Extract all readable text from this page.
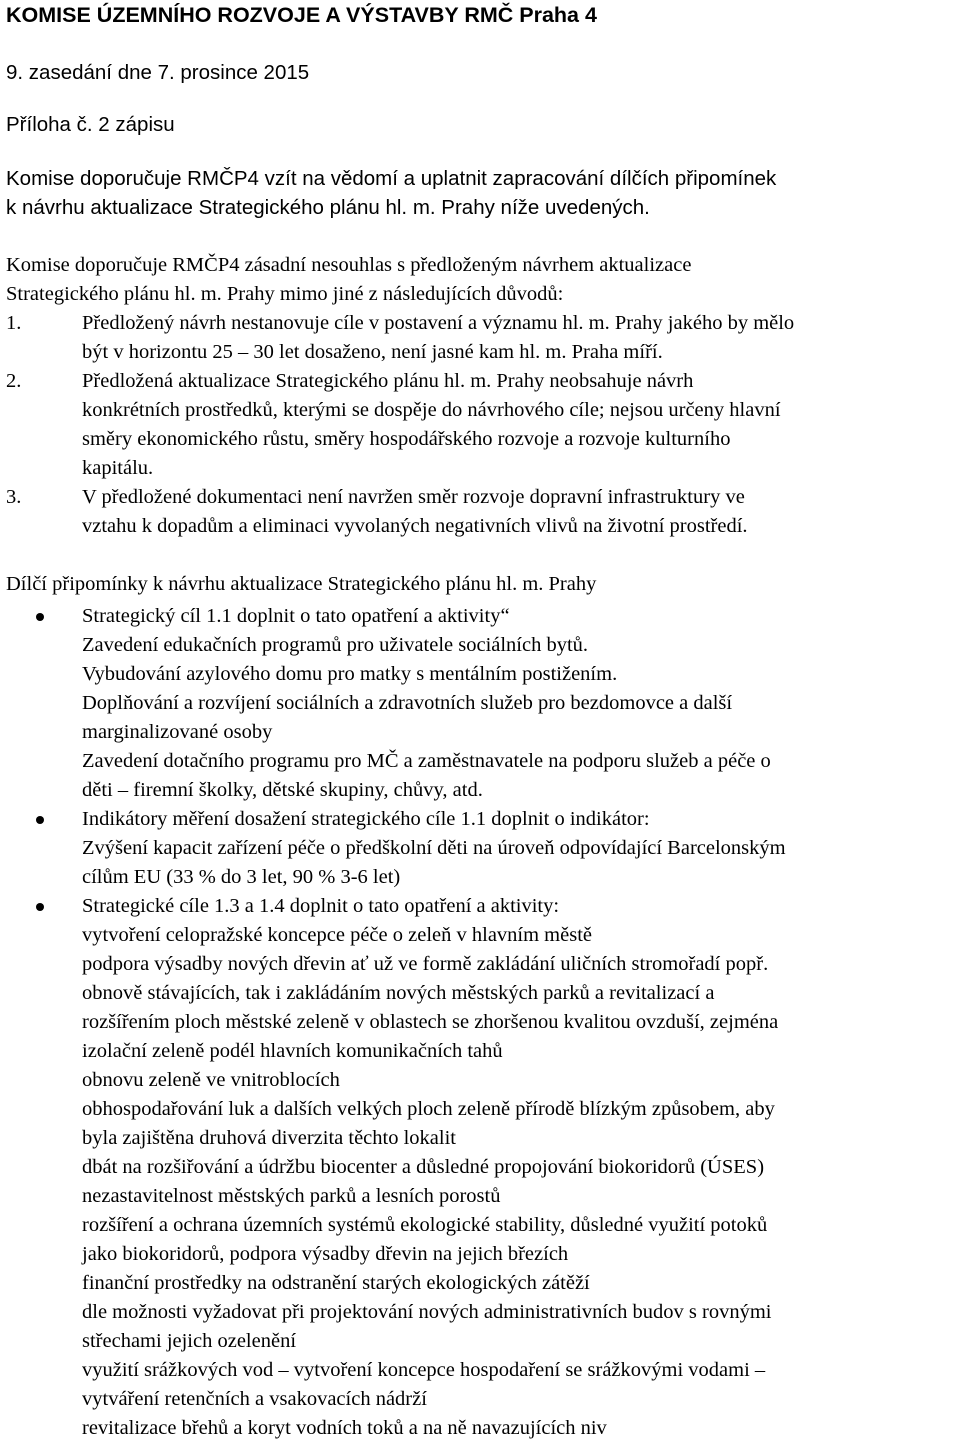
KOMISE ÚZEMNÍHO ROZVOJE A VÝSTAVBY RMČ Praha 4
9. zasedání dne 7. prosince 2015
Příloha č. 2 zápisu
Komise doporučuje RMČP4 vzít na vědomí a uplatnit zapracování dílčích připomínek
k návrhu aktualizace Strategického plánu hl. m. Prahy níže uvedených.
Komise doporučuje RMČP4 zásadní nesouhlas s předloženým návrhem aktualizace
Strategického plánu hl. m. Prahy mimo jiné z následujících důvodů:
1.	Předložený návrh nestanovuje cíle v postavení a významu hl. m. Prahy jakého by mělo
být v horizontu 25 – 30 let dosaženo, není jasné kam hl. m. Praha míří.
2.	Předložená aktualizace Strategického plánu hl. m. Prahy neobsahuje návrh
konkrétních prostředků, kterými se dospěje do návrhového cíle; nejsou určeny hlavní
směry ekonomického růstu, směry hospodářského rozvoje a rozvoje kulturního
kapitálu.
3.	V předložené dokumentaci není navržen směr rozvoje dopravní infrastruktury ve
vztahu k dopadům a eliminaci vyvolaných negativních vlivů na životní prostředí.
Dílčí připomínky k návrhu aktualizace Strategického plánu hl. m. Prahy
Strategický cíl 1.1 doplnit o tato opatření a aktivity“
Zavedení edukačních programů pro uživatele sociálních bytů.
Vybudování azylového domu pro matky s mentálním postižením.
Doplňování a rozvíjení sociálních a zdravotních služeb pro bezdomovce a další
marginalizované osoby
Zavedení dotačního programu pro MČ a zaměstnavatele na podporu služeb a péče o
děti – firemní školky, dětské skupiny, chůvy, atd.
Indikátory měření dosažení strategického cíle 1.1 doplnit o indikátor:
Zvýšení kapacit zařízení péče o předškolní děti na úroveň odpovídající Barcelonským
cílům EU (33 % do 3 let, 90 % 3-6 let)
Strategické cíle 1.3 a 1.4 doplnit o tato opatření a aktivity:
vytvoření celopražské koncepce péče o zeleň v hlavním městě
podpora výsadby nových dřevin ať už ve formě zakládání uličních stromořadí popř.
obnově stávajících, tak i zakládáním nových městských parků a revitalizací a
rozšířením ploch městské zeleně v oblastech se zhoršenou kvalitou ovzduší, zejména
izolační zeleně podél hlavních komunikačních tahů
obnovu zeleně ve vnitroblocích
obhospodařování luk a dalších velkých ploch zeleně přírodě blízkým způsobem, aby
byla zajištěna druhová diverzita těchto lokalit
dbát na rozšiřování a údržbu biocenter a důsledné propojování biokoridorů (ÚSES)
nezastavitelnost městských parků a lesních porostů
rozšíření a ochrana územních systémů ekologické stability, důsledné využití potoků
jako biokoridorů, podpora výsadby dřevin na jejich březích
finanční prostředky na odstranění starých ekologických zátěží
dle možnosti vyžadovat při projektování nových administrativních budov s rovnými
střechami jejich ozelenění
využití srážkových vod – vytvoření koncepce hospodaření se srážkovými vodami –
vytváření retenčních a vsakovacích nádrží
revitalizace břehů a koryt vodních toků a na ně navazujících niv
